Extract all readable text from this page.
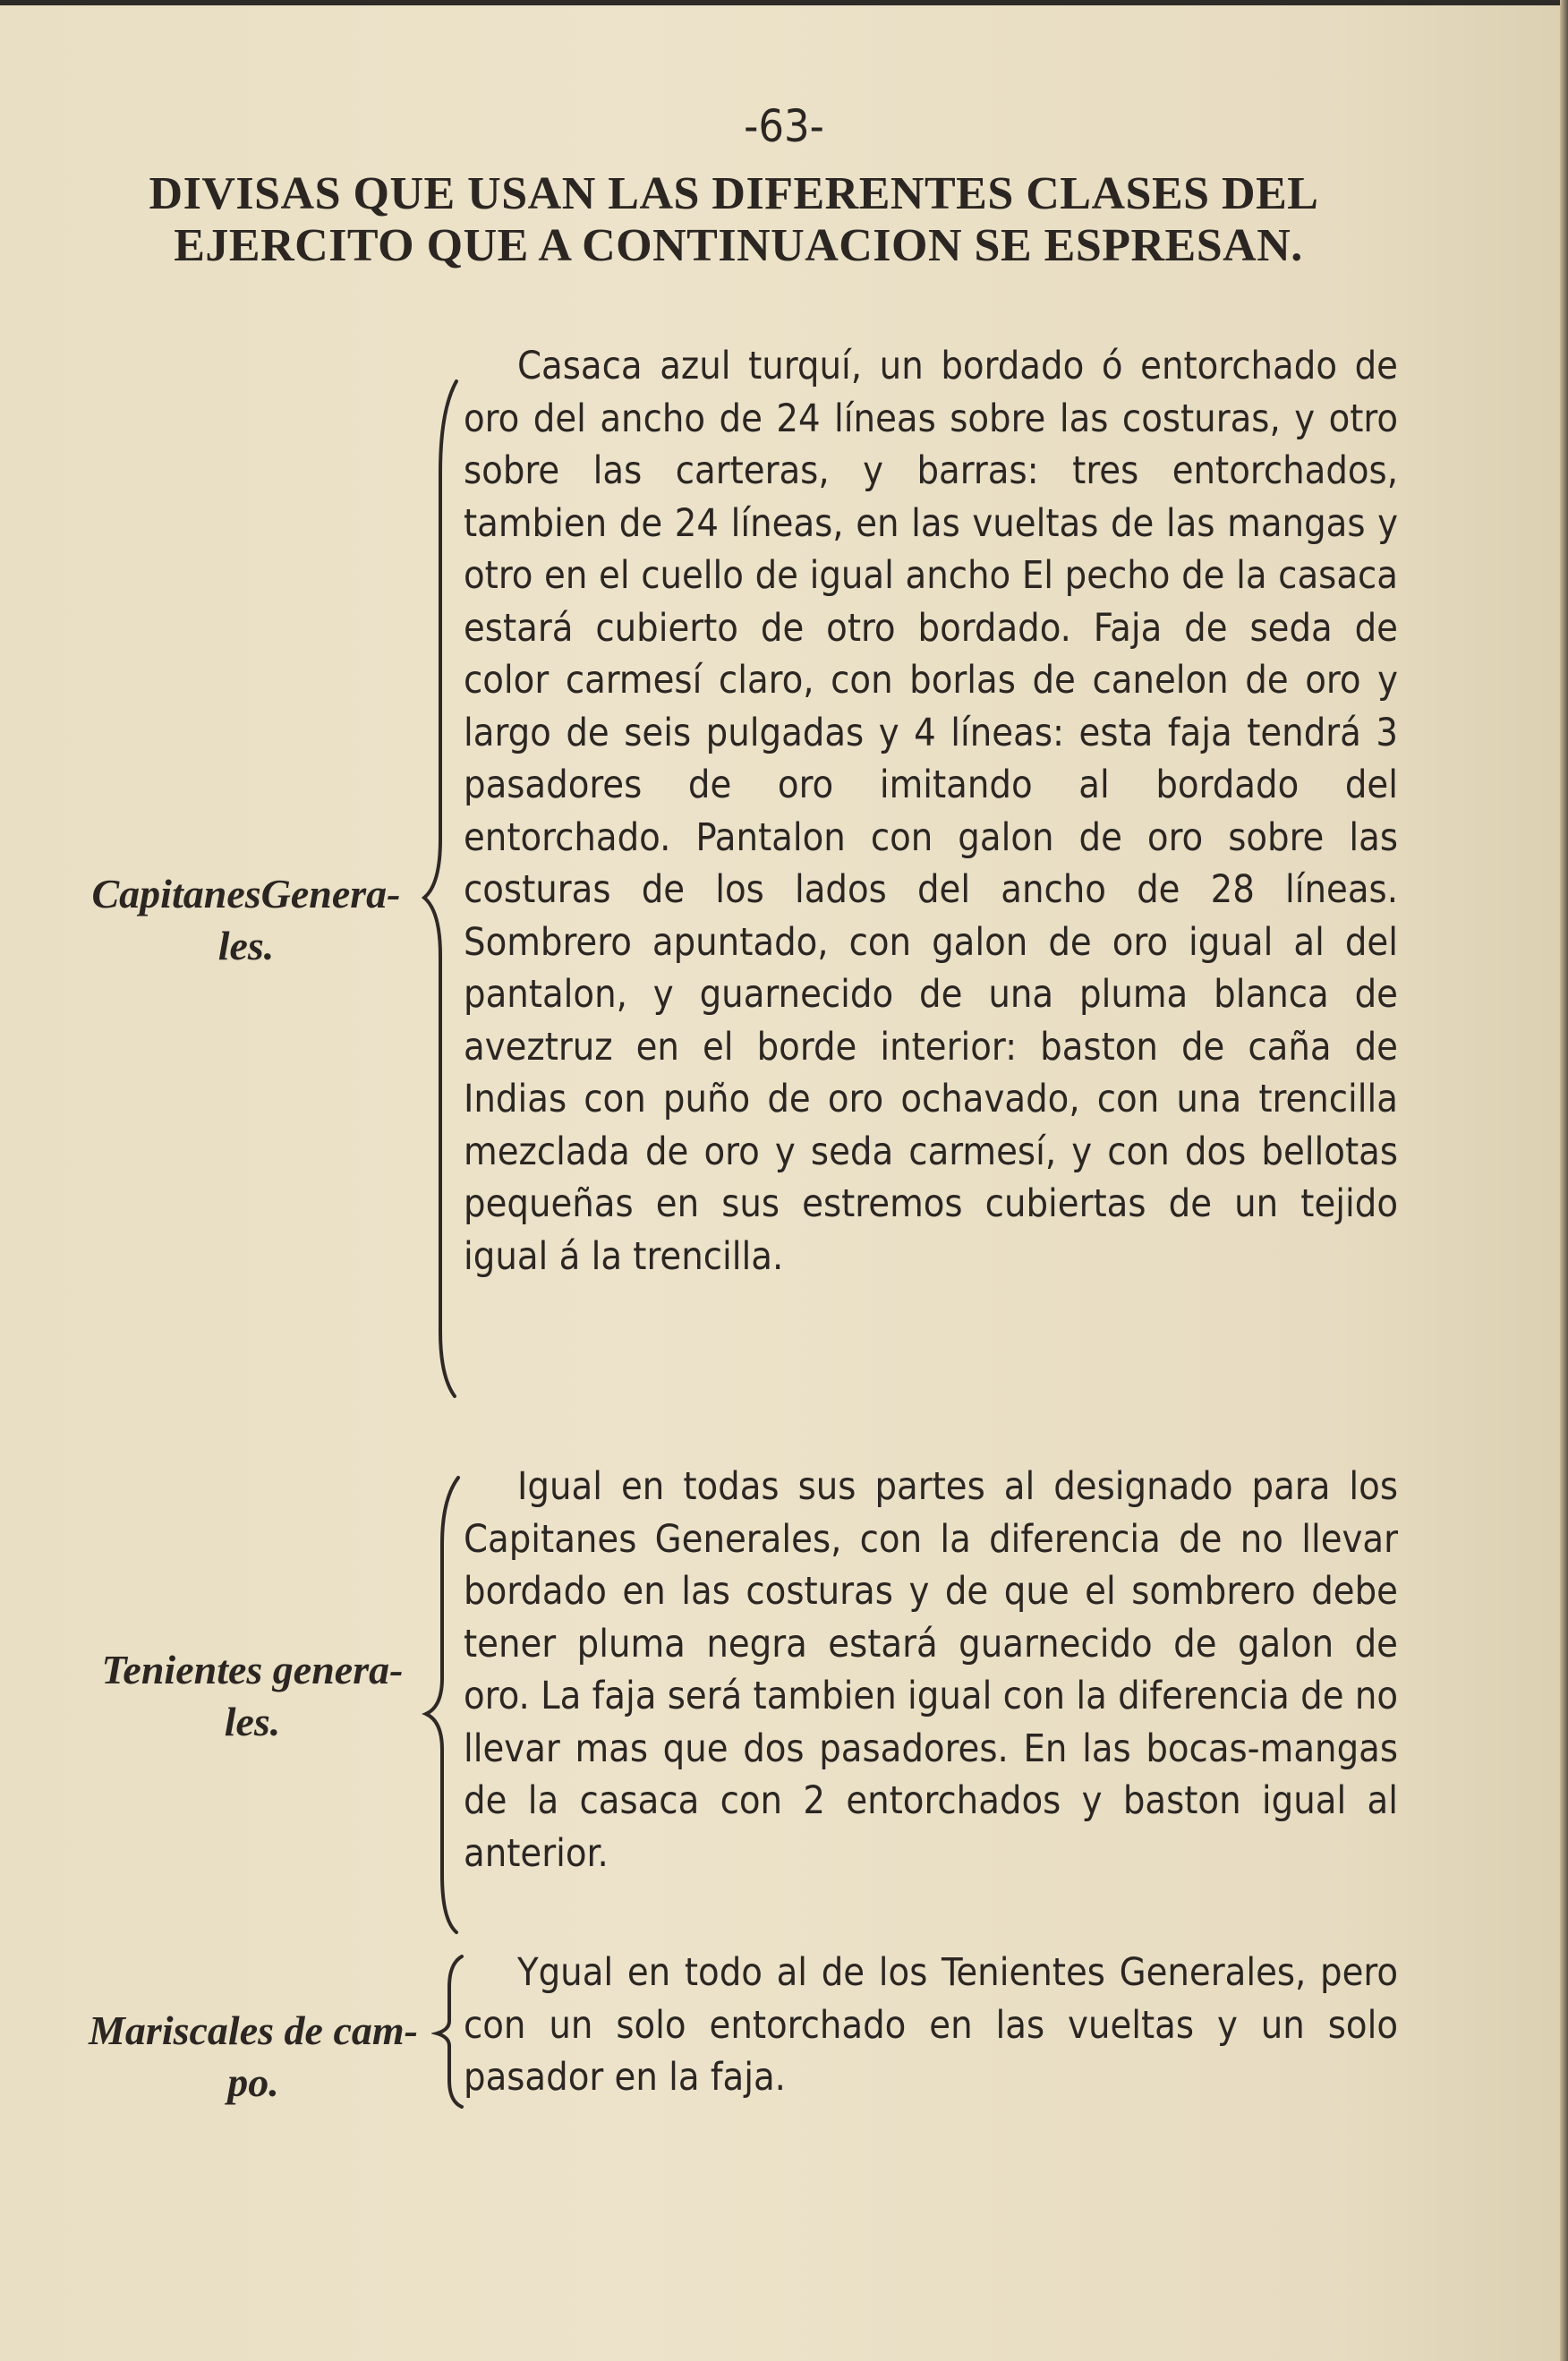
-63-
DIVISAS QUE USAN LAS DIFERENTES CLASES DEL
EJERCITO QUE A CONTINUACION SE ESPRESAN.
CapitanesGenera-
les.

Casaca azul turquí, un bordado ó entorchado de oro del ancho de 24 líneas sobre las costuras, y otro sobre las carteras, y barras: tres entorchados, tambien de 24 líneas, en las vueltas de las mangas y otro en el cuello de igual ancho El pecho de la casaca estará cubierto de otro bordado. Faja de seda de color carmesí claro, con borlas de canelon de oro y largo de seis pulgadas y 4 líneas: esta faja tendrá 3 pasadores de oro imitando al bordado del entorchado. Pantalon con galon de oro sobre las costuras de los lados del ancho de 28 líneas. Sombrero apuntado, con galon de oro igual al del pantalon, y guarnecido de una pluma blanca de aveztruz en el borde interior: baston de caña de Indias con puño de oro ochavado, con una trencilla mezclada de oro y seda carmesí, y con dos bellotas pequeñas en sus estremos cubiertas de un tejido igual á la trencilla.

Tenientes genera-
les.

Igual en todas sus partes al designado para los Capitanes Generales, con la diferencia de no llevar bordado en las costuras y de que el sombrero debe tener pluma negra estará guarnecido de galon de oro. La faja será tambien igual con la diferencia de no llevar mas que dos pasadores. En las bocas-mangas de la casaca con 2 entorchados y baston igual al anterior.

Mariscales de cam-
po.

Ygual en todo al de los Tenientes Generales, pero con un solo entorchado en las vueltas y un solo pasador en la faja.
